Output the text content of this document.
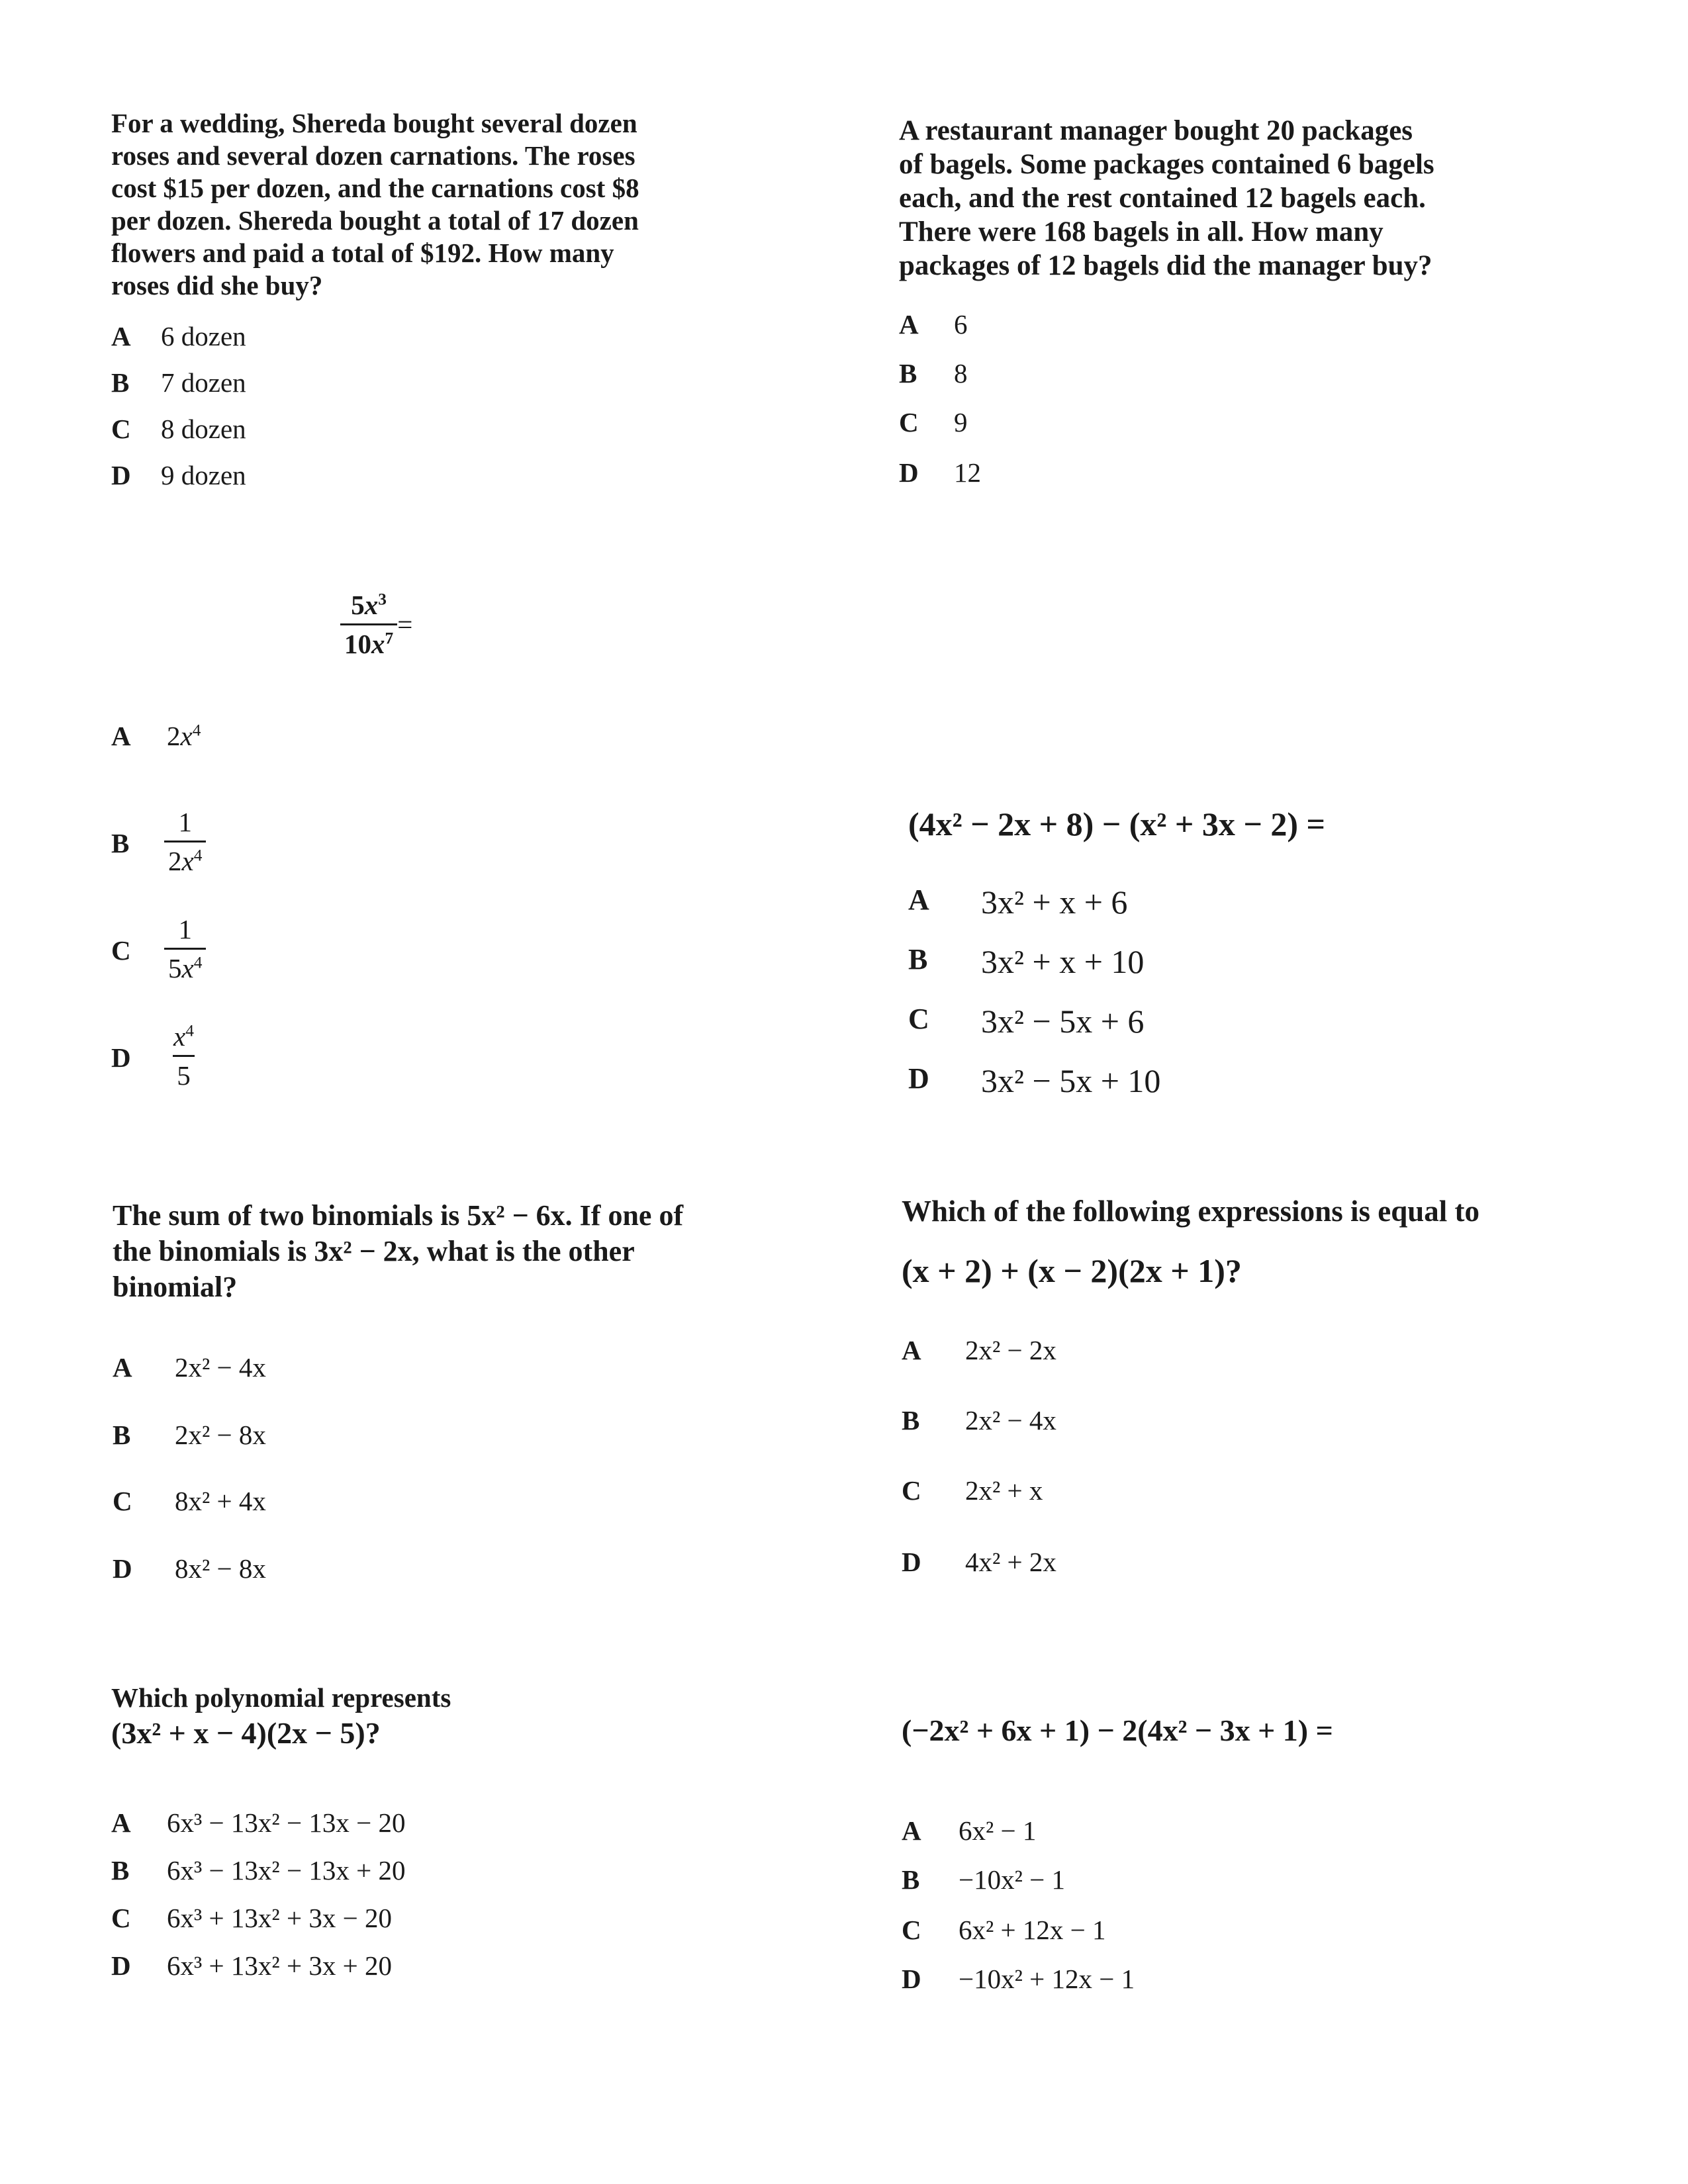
For a wedding, Shereda bought several dozen

roses and several dozen carnations. The roses

cost $15 per dozen, and the carnations cost $8

per dozen. Shereda bought a total of 17 dozen

flowers and paid a total of $192. How many

roses did she buy?

A 6 dozen
B 7 dozen
C 8 dozen
D 9 dozen

A restaurant manager bought 20 packages

of bagels. Some packages contained 6 bagels

each, and the rest contained 12 bagels each.

There were 168 bagels in all. How many

packages of 12 bagels did the manager buy?

A 6
B 8
C 9
D 12
$\frac{5x^3}{10x^7}$ =
A $2x^4$
B $\frac{1}{2x^4}$
C $\frac{1}{5x^4}$
D $\frac{x^4}{5}$
(4x² − 2x + 8) − (x² + 3x − 2) =
A 3x² + x + 6
B 3x² + x + 10
C 3x² − 5x + 6
D 3x² − 5x + 10

The sum of two binomials is 5x² − 6x. If one of

the binomials is 3x² − 2x, what is the other

binomial?

A 2x² − 4x
B 2x² − 8x
C 8x² + 4x
D 8x² − 8x

Which of the following expressions is equal to

(x + 2) + (x − 2)(2x + 1)?

A 2x² − 2x
B 2x² − 4x
C 2x² + x
D 4x² + 2x

Which polynomial represents

(3x² + x − 4)(2x − 5)?

A 6x³ − 13x² − 13x − 20
B 6x³ − 13x² − 13x + 20
C 6x³ + 13x² + 3x − 20
D 6x³ + 13x² + 3x + 20
(−2x² + 6x + 1) − 2(4x² − 3x + 1) =
A 6x² − 1
B −10x² − 1
C 6x² + 12x − 1
D −10x² + 12x − 1
